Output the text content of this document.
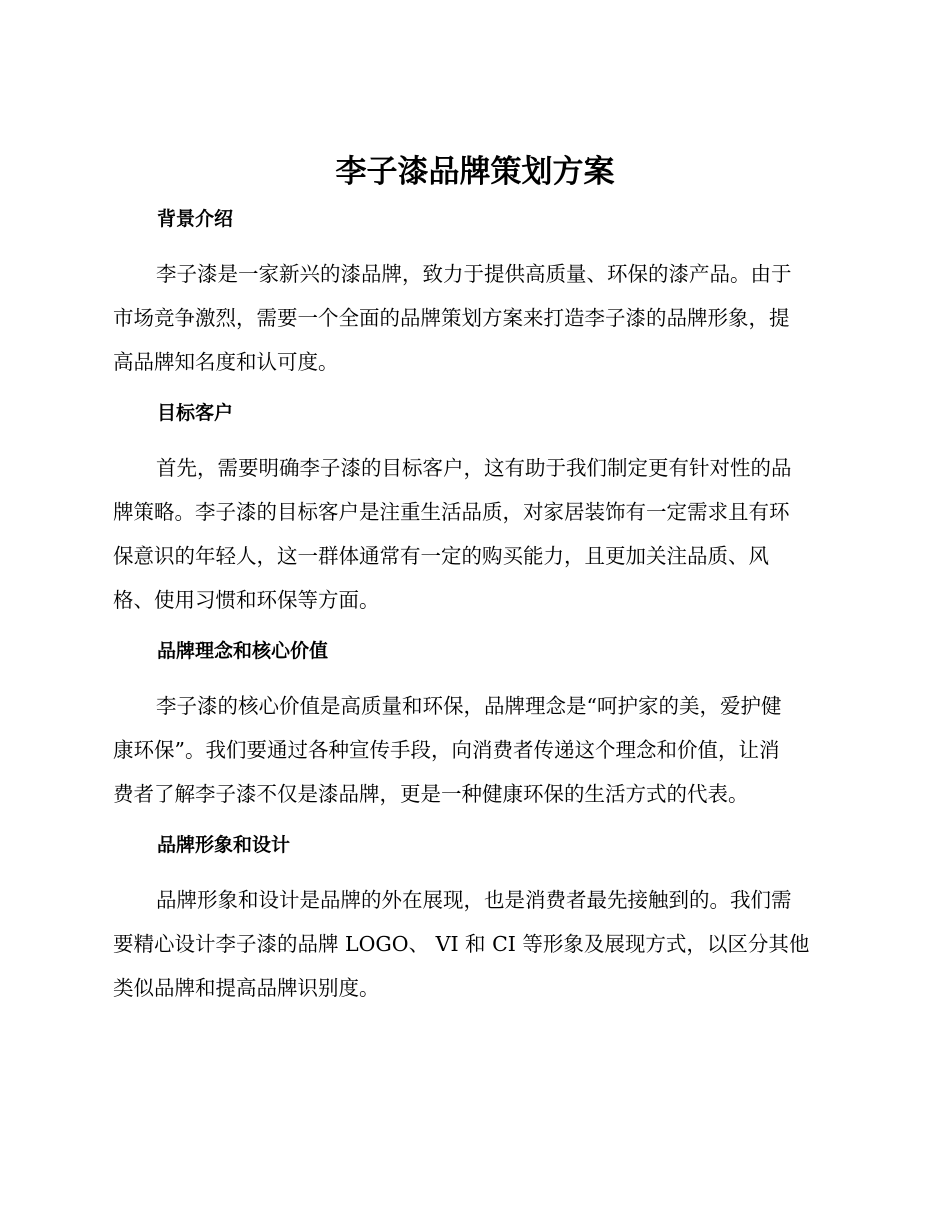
李子漆品牌策划方案
背景介绍
李子漆是一家新兴的漆品牌，致力于提供高质量、环保的漆产品。由于
市场竞争激烈，需要一个全面的品牌策划方案来打造李子漆的品牌形象，提
高品牌知名度和认可度。
目标客户
首先，需要明确李子漆的目标客户，这有助于我们制定更有针对性的品
牌策略。李子漆的目标客户是注重生活品质，对家居装饰有一定需求且有环
保意识的年轻人，这一群体通常有一定的购买能力，且更加关注品质、风
格、使用习惯和环保等方面。
品牌理念和核心价值
李子漆的核心价值是高质量和环保，品牌理念是“呵护家的美，爱护健
康环保”。我们要通过各种宣传手段，向消费者传递这个理念和价值，让消
费者了解李子漆不仅是漆品牌，更是一种健康环保的生活方式的代表。
品牌形象和设计
品牌形象和设计是品牌的外在展现，也是消费者最先接触到的。我们需
要精心设计李子漆的品牌 LOGO、 VI 和 CI 等形象及展现方式，以区分其他
类似品牌和提高品牌识别度。
